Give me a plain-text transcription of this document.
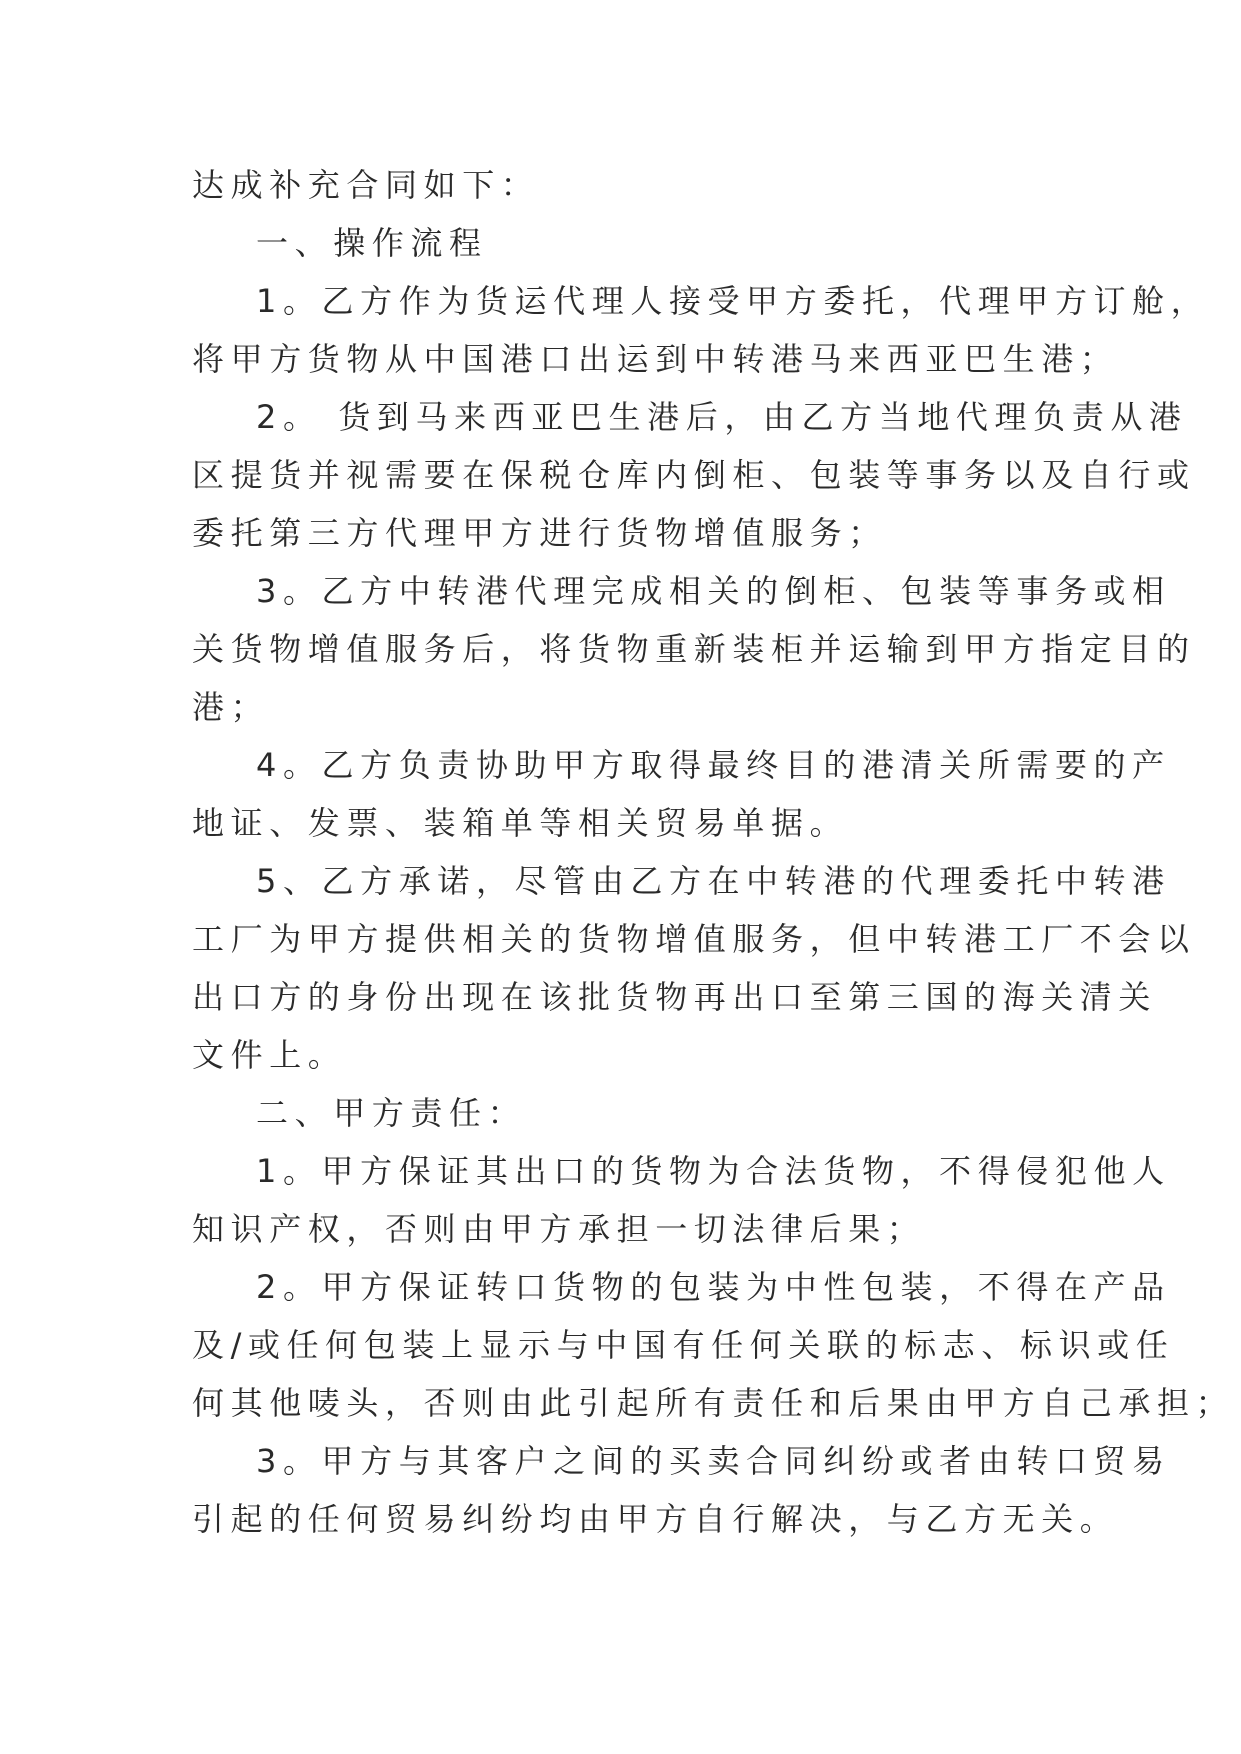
达成补充合同如下：
一、操作流程
1。乙方作为货运代理人接受甲方委托，代理甲方订舱，
将甲方货物从中国港口出运到中转港马来西亚巴生港；
2。 货到马来西亚巴生港后，由乙方当地代理负责从港
区提货并视需要在保税仓库内倒柜、包装等事务以及自行或
委托第三方代理甲方进行货物增值服务；
3。乙方中转港代理完成相关的倒柜、包装等事务或相
关货物增值服务后，将货物重新装柜并运输到甲方指定目的
港；
4。乙方负责协助甲方取得最终目的港清关所需要的产
地证、发票、装箱单等相关贸易单据。
5、乙方承诺，尽管由乙方在中转港的代理委托中转港
工厂为甲方提供相关的货物增值服务，但中转港工厂不会以
出口方的身份出现在该批货物再出口至第三国的海关清关
文件上。
二、甲方责任：
1。甲方保证其出口的货物为合法货物，不得侵犯他人
知识产权，否则由甲方承担一切法律后果；
2。甲方保证转口货物的包装为中性包装，不得在产品
及/或任何包装上显示与中国有任何关联的标志、标识或任
何其他唛头，否则由此引起所有责任和后果由甲方自己承担；
3。甲方与其客户之间的买卖合同纠纷或者由转口贸易
引起的任何贸易纠纷均由甲方自行解决，与乙方无关。
